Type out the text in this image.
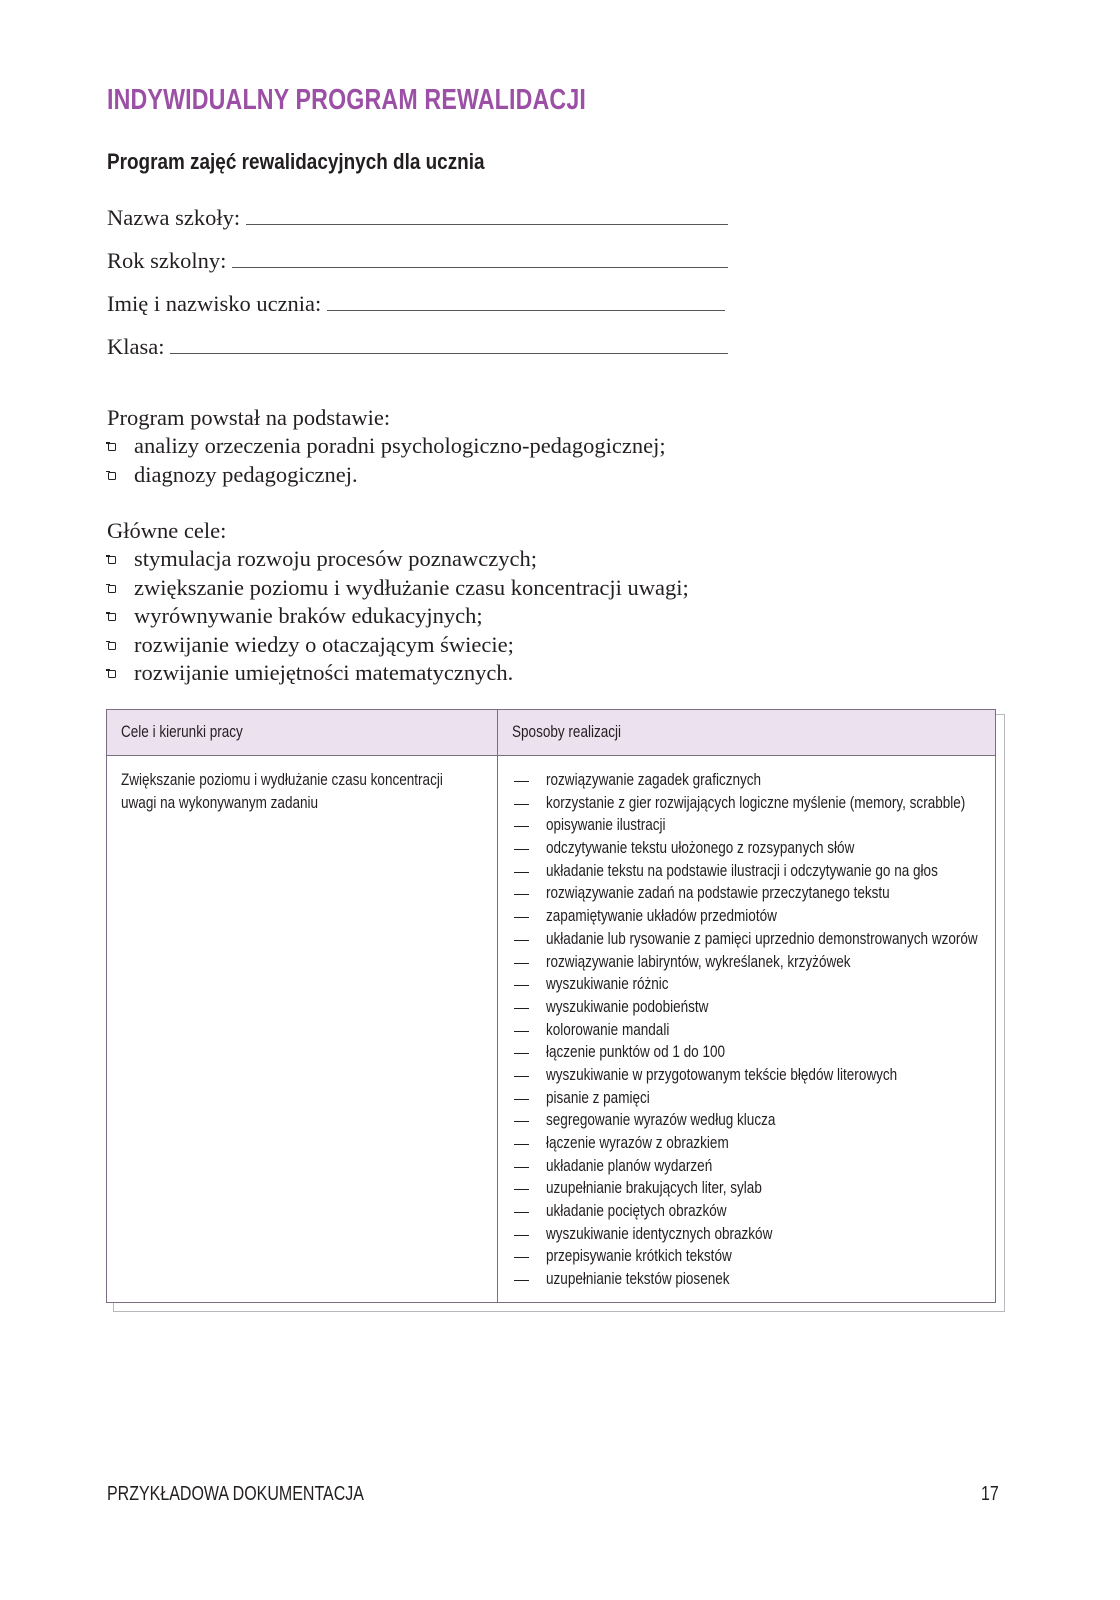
INDYWIDUALNY PROGRAM REWALIDACJI
Program zajęć rewalidacyjnych dla ucznia
Nazwa szkoły:
Rok szkolny:
Imię i nazwisko ucznia:
Klasa:
Program powstał na podstawie:
analizy orzeczenia poradni psychologiczno-pedagogicznej;
diagnozy pedagogicznej.
Główne cele:
stymulacja rozwoju procesów poznawczych;
zwiększanie poziomu i wydłużanie czasu koncentracji uwagi;
wyrównywanie braków edukacyjnych;
rozwijanie wiedzy o otaczającym świecie;
rozwijanie umiejętności matematycznych.
Cele i kierunki pracy	Sposoby realizacji
Zwiększanie poziomu i wydłużanie czasu koncentracji uwagi na wykonywanym zadaniu
rozwiązywanie zagadek graficznych
korzystanie z gier rozwijających logiczne myślenie (memory, scrabble)
opisywanie ilustracji
odczytywanie tekstu ułożonego z rozsypanych słów
układanie tekstu na podstawie ilustracji i odczytywanie go na głos
rozwiązywanie zadań na podstawie przeczytanego tekstu
zapamiętywanie układów przedmiotów
układanie lub rysowanie z pamięci uprzednio demonstrowanych wzorów
rozwiązywanie labiryntów, wykreślanek, krzyżówek
wyszukiwanie różnic
wyszukiwanie podobieństw
kolorowanie mandali
łączenie punktów od 1 do 100
wyszukiwanie w przygotowanym tekście błędów literowych
pisanie z pamięci
segregowanie wyrazów według klucza
łączenie wyrazów z obrazkiem
układanie planów wydarzeń
uzupełnianie brakujących liter, sylab
układanie pociętych obrazków
wyszukiwanie identycznych obrazków
przepisywanie krótkich tekstów
uzupełnianie tekstów piosenek
PRZYKŁADOWA DOKUMENTACJA	17
